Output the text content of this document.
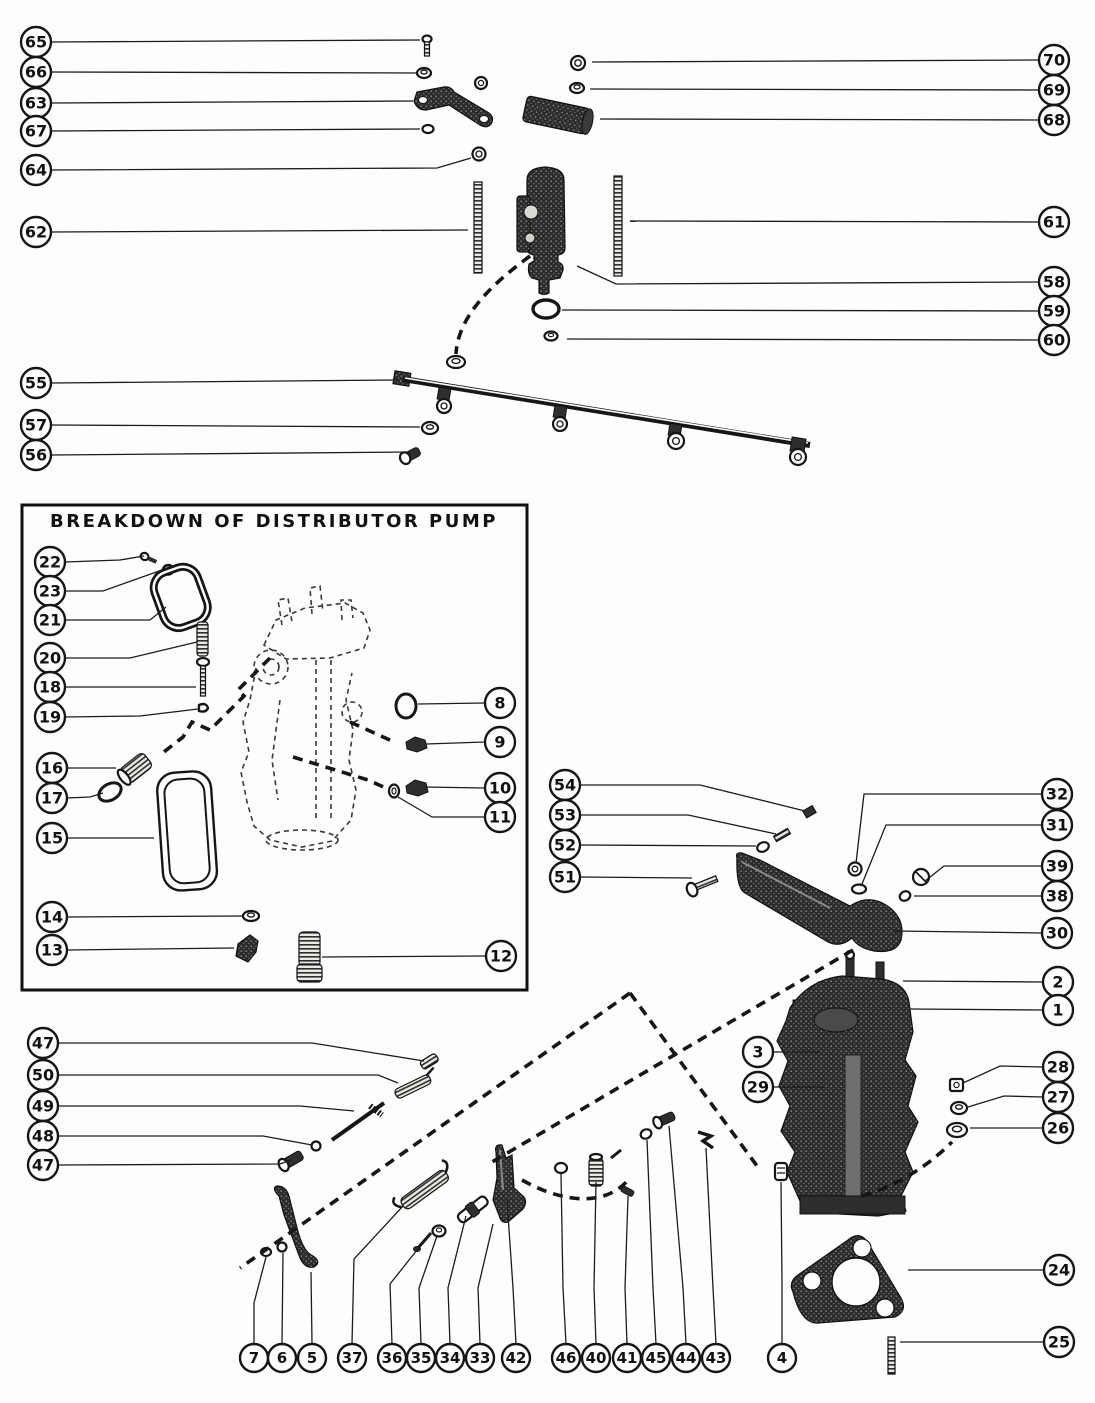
BREAKDOWN OF DISTRIBUTOR PUMP
65
66
63
67
64
62
55
57
56
70
69
68
61
58
59
60
22
23
21
20
18
19
16
17
15
14
13
8
9
10
11
12
54
53
52
51
32
31
39
38
30
2
1
3
29
28
27
26
24
25
47
50
49
48
47
7 6 5 37 36 35 34 33 42 46 40 41 45 44 43	4
